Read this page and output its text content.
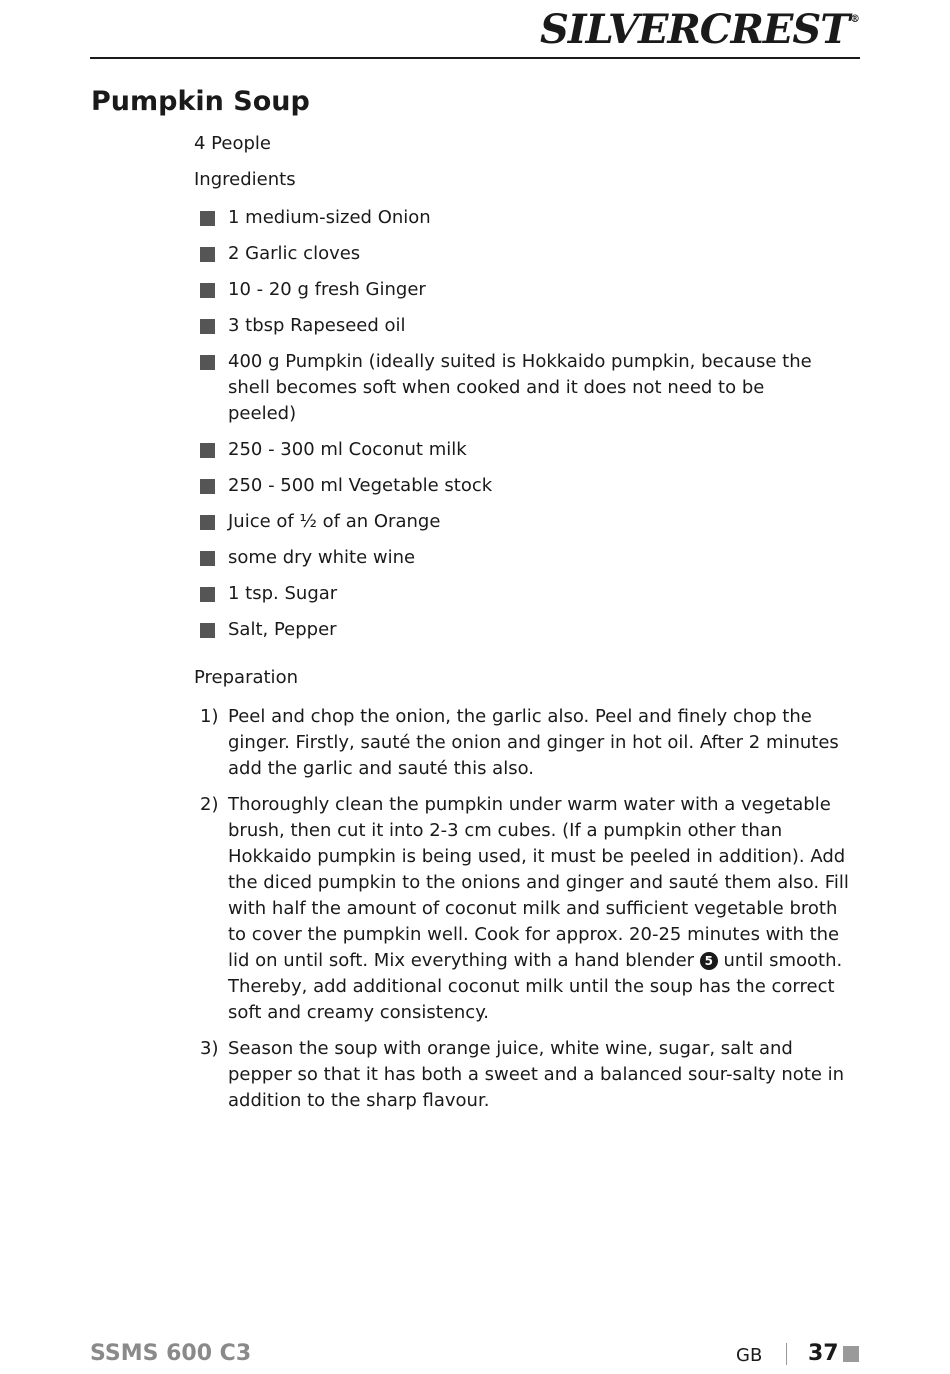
SILVERCREST ®
Pumpkin Soup
4 People
Ingredients
1 medium-sized Onion
2 Garlic cloves
10 - 20 g fresh Ginger
3 tbsp Rapeseed oil
400 g Pumpkin (ideally suited is Hokkaido pumpkin, because the shell becomes soft when cooked and it does not need to be peeled)
250 - 300 ml Coconut milk
250 - 500 ml Vegetable stock
Juice of ½ of an Orange
some dry white wine
1 tsp. Sugar
Salt, Pepper
Preparation
1) Peel and chop the onion, the garlic also. Peel and finely chop the ginger. Firstly, sauté the onion and ginger in hot oil. After 2 minutes add the garlic and sauté this also.
2) Thoroughly clean the pumpkin under warm water with a vegetable brush, then cut it into 2-3 cm cubes. (If a pumpkin other than Hokkaido pumpkin is being used, it must be peeled in addition). Add the diced pumpkin to the onions and ginger and sauté them also. Fill with half the amount of coconut milk and sufficient vegetable broth to cover the pumpkin well. Cook for approx. 20-25 minutes with the lid on until soft. Mix everything with a hand blender 5 until smooth. Thereby, add additional coconut milk until the soup has the correct soft and creamy consistency.
3) Season the soup with orange juice, white wine, sugar, salt and pepper so that it has both a sweet and a balanced sour-salty note in addition to the sharp flavour.
SSMS 600 C3	GB 37
